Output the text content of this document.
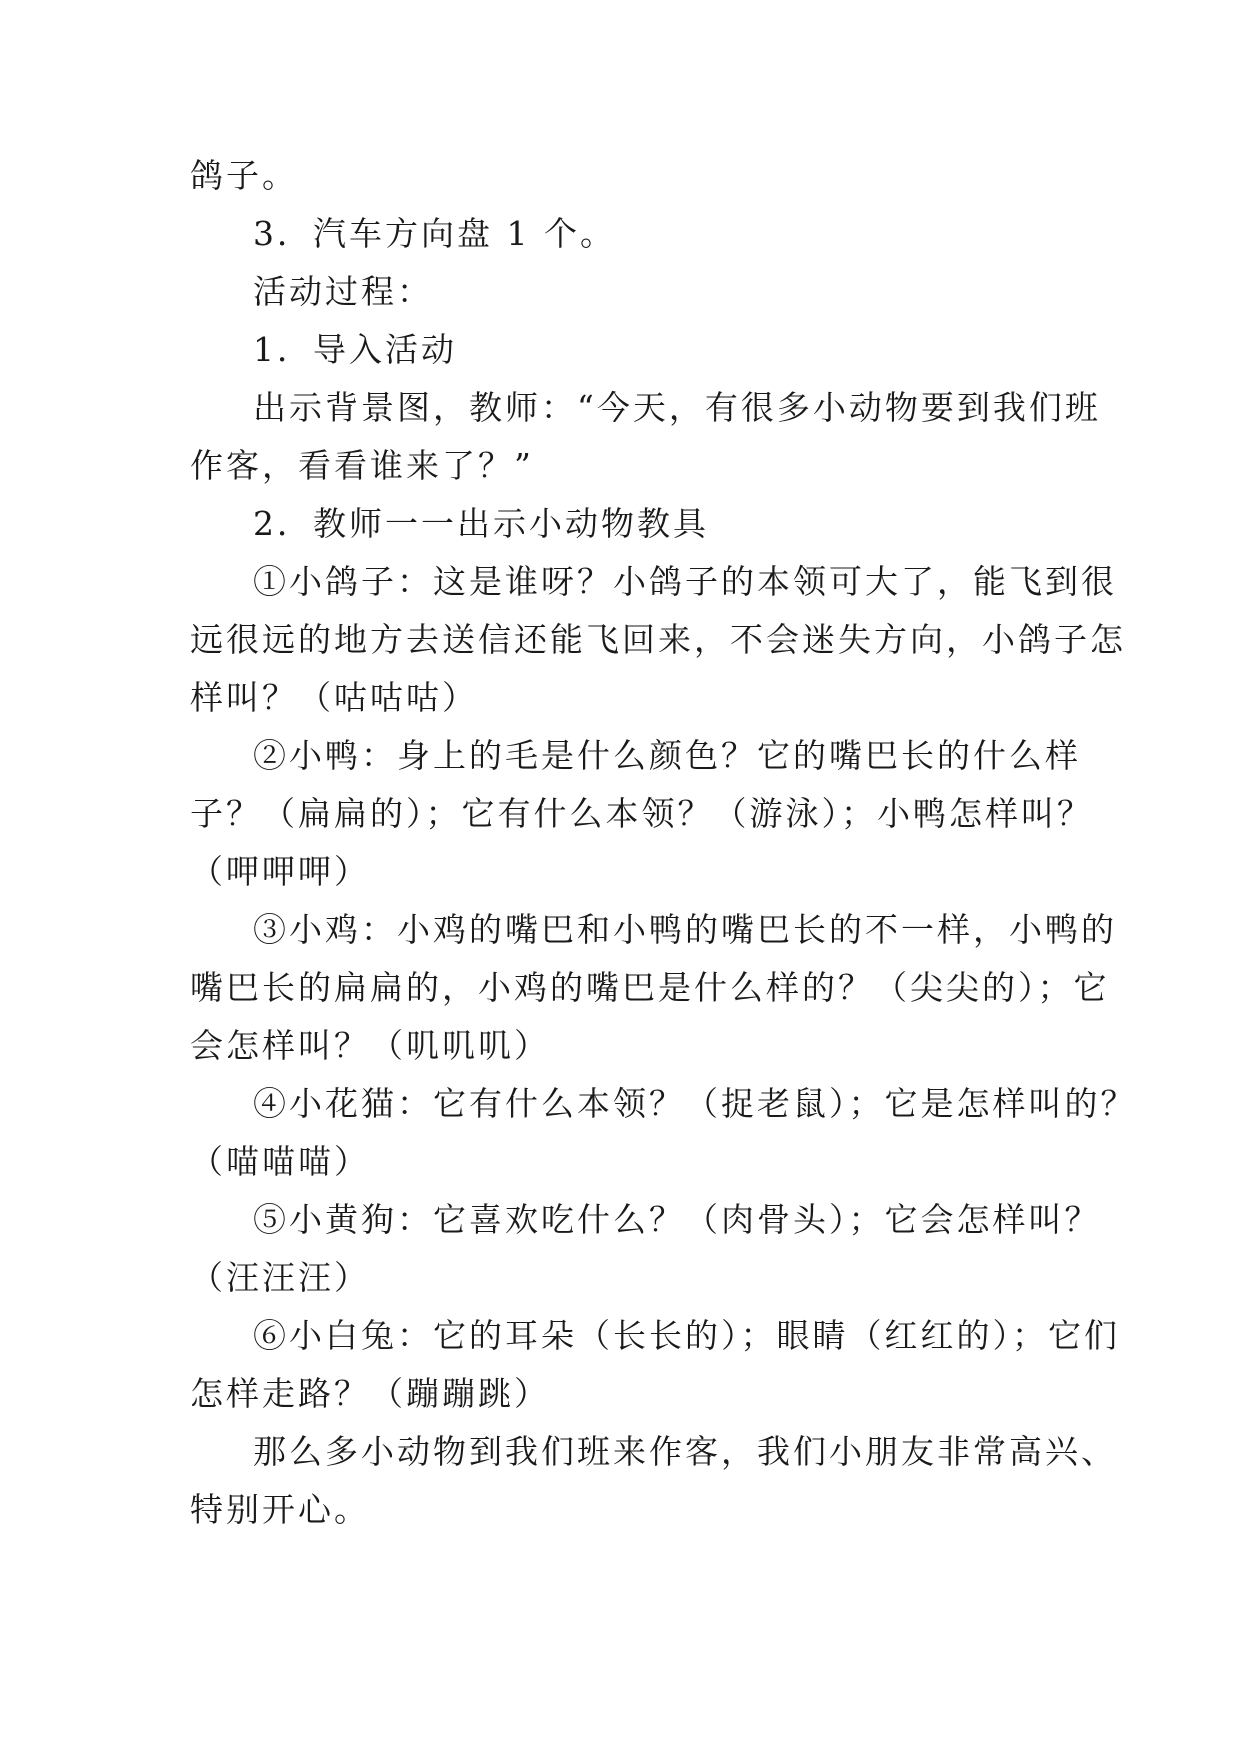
鸽子。
3．汽车方向盘 1 个。
活动过程：
1．导入活动
出示背景图，教师：“今天，有很多小动物要到我们班
作客，看看谁来了？”
2．教师一一出示小动物教具
①小鸽子：这是谁呀？小鸽子的本领可大了，能飞到很
远很远的地方去送信还能飞回来，不会迷失方向，小鸽子怎
样叫？（咕咕咕）
②小鸭：身上的毛是什么颜色？它的嘴巴长的什么样
子？（扁扁的）；它有什么本领？（游泳）；小鸭怎样叫？
（呷呷呷）
③小鸡：小鸡的嘴巴和小鸭的嘴巴长的不一样，小鸭的
嘴巴长的扁扁的，小鸡的嘴巴是什么样的？（尖尖的）；它
会怎样叫？（叽叽叽）
④小花猫：它有什么本领？（捉老鼠）；它是怎样叫的？
（喵喵喵）
⑤小黄狗：它喜欢吃什么？（肉骨头）；它会怎样叫？
（汪汪汪）
⑥小白兔：它的耳朵（长长的）；眼睛（红红的）；它们
怎样走路？（蹦蹦跳）
那么多小动物到我们班来作客，我们小朋友非常高兴、
特别开心。
